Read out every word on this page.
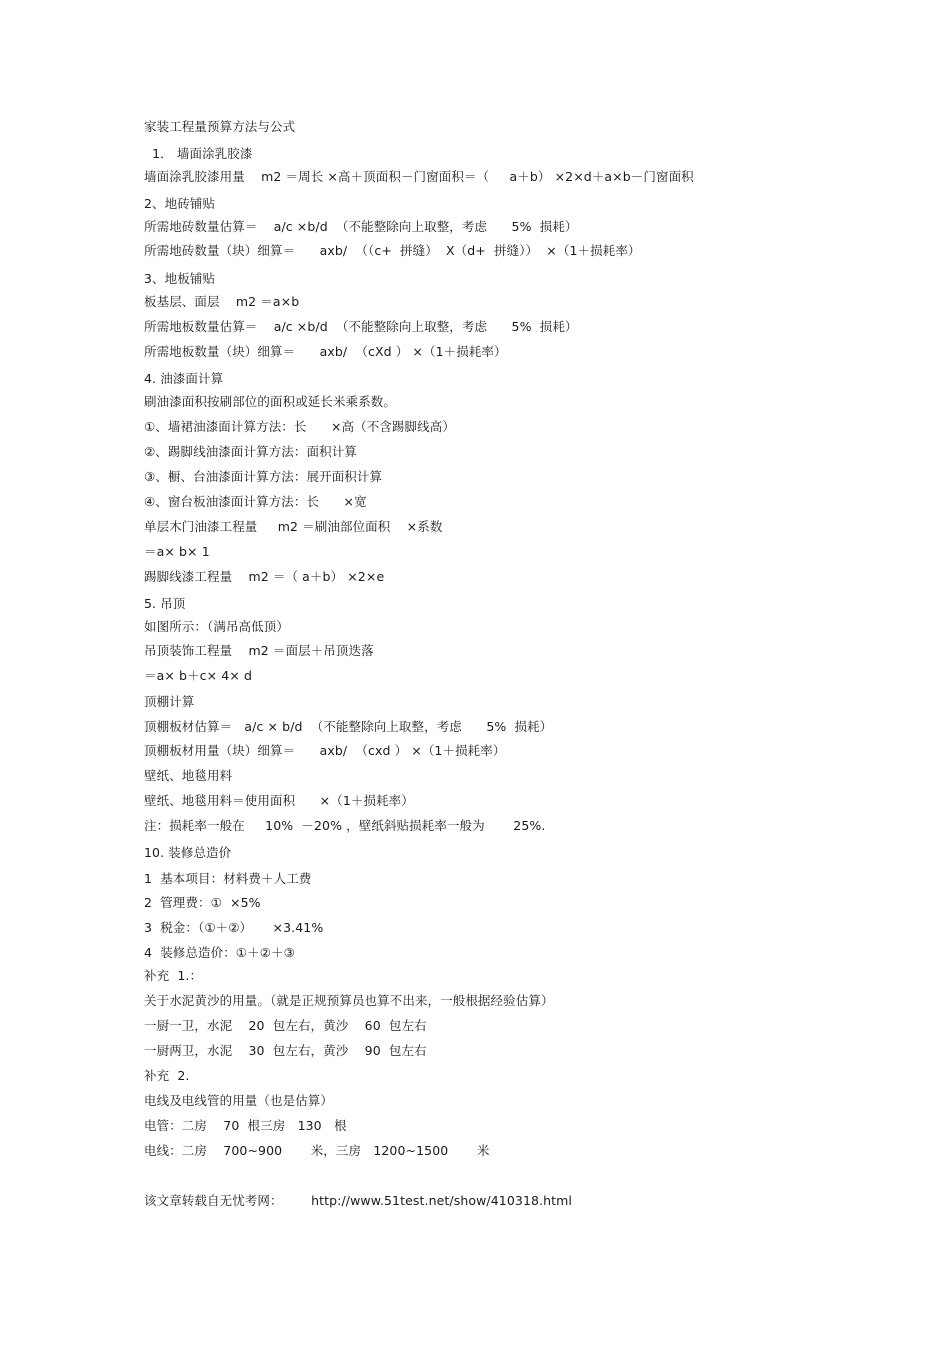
家装工程量预算方法与公式
1． 墙面涂乳胶漆
墙面涂乳胶漆用量    m2 ＝周长 ×高＋顶面积－门窗面积＝（     a＋b） ×2×d＋a×b－门窗面积
2、地砖铺贴
所需地砖数量估算＝    a/c ×b/d  （不能整除向上取整，考虑      5%  损耗）
所需地砖数量（块）细算＝      axb/  （（c+  拼缝）  X（d+  拼缝））  ×（1＋损耗率）
3、地板铺贴
板基层、面层    m2 ＝a×b
所需地板数量估算＝    a/c ×b/d  （不能整除向上取整，考虑      5%  损耗）
所需地板数量（块）细算＝      axb/  （cXd ） ×（1＋损耗率）
4. 油漆面计算
刷油漆面积按刷部位的面积或延长米乘系数。
①、墙裙油漆面计算方法：长      ×高（不含踢脚线高）
②、踢脚线油漆面计算方法：面积计算
③、橱、台油漆面计算方法：展开面积计算
④、窗台板油漆面计算方法：长      ×宽
单层木门油漆工程量     m2 ＝刷油部位面积    ×系数
＝a× b× 1
踢脚线漆工程量    m2 ＝（ a＋b） ×2×e
5. 吊顶
如图所示：（满吊高低顶）
吊顶装饰工程量    m2 ＝面层＋吊顶迭落
＝a× b＋c× 4× d
顶棚计算
顶棚板材估算＝   a/c × b/d  （不能整除向上取整，考虑      5%  损耗）
顶棚板材用量（块）细算＝      axb/  （cxd ） ×（1＋损耗率）
壁纸、地毯用料
壁纸、地毯用料＝使用面积      ×（1＋损耗率）
注：损耗率一般在     10%  －20% ，壁纸斜贴损耗率一般为       25%.
10. 装修总造价
1  基本项目：材料费＋人工费
2  管理费：①  ×5%
3  税金：（①＋②）     ×3.41%
4  装修总造价：①＋②＋③
补充  1.：
关于水泥黄沙的用量。（就是正规预算员也算不出来，一般根据经验估算）
一厨一卫，水泥    20  包左右，黄沙    60  包左右
一厨两卫，水泥    30  包左右，黄沙    90  包左右
补充  2.
电线及电线管的用量（也是估算）
电管：二房    70  根三房   130   根
电线：二房    700~900       米，三房   1200~1500       米
该文章转载自无忧考网：       http://www.51test.net/show/410318.html
